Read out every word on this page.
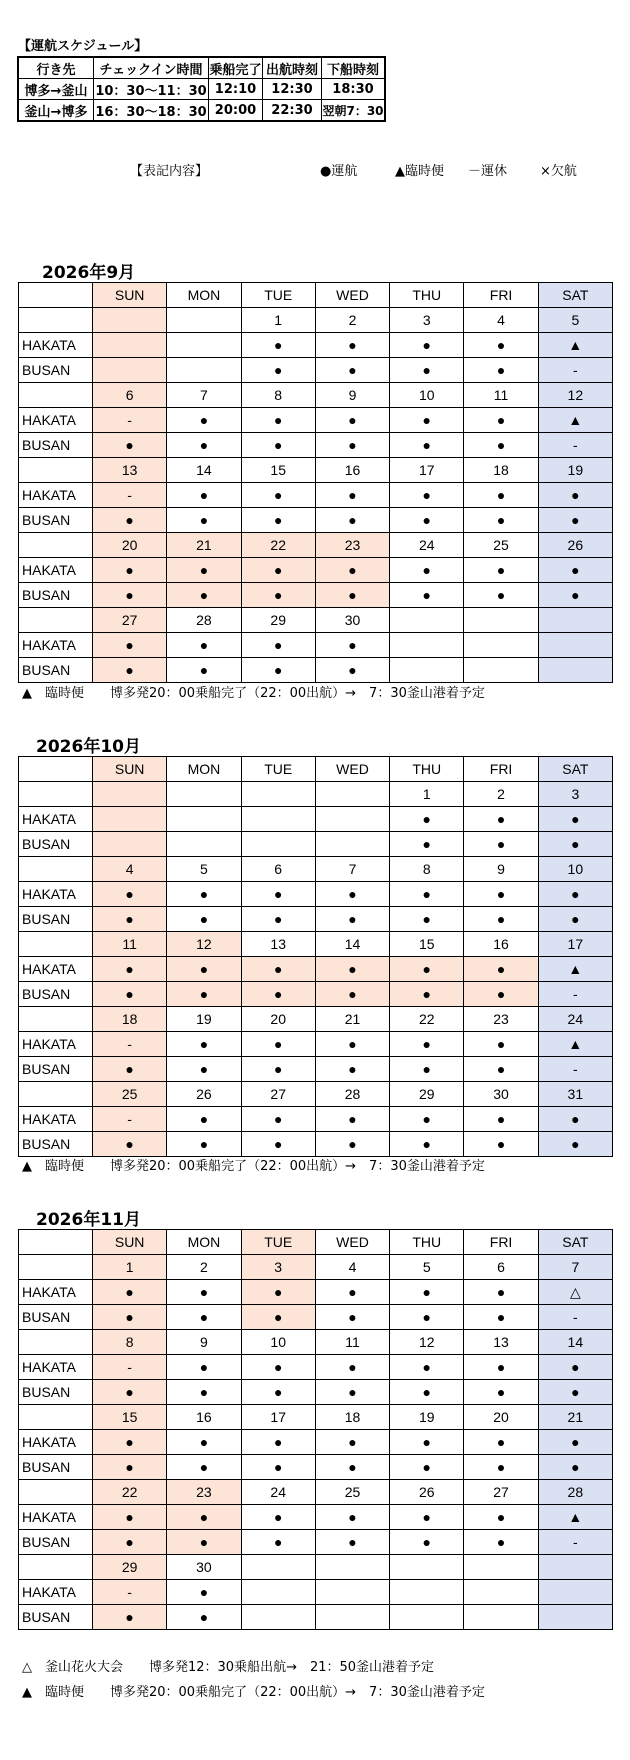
【運航スケジュール】
行き先	チェックイン時間	乗船完了	出航時刻	下船時刻
博多→釜山	10：30～11：30	12:10	12:30	18:30
釜山→博多	16：30～18：30	20:00	22:30	翌朝7：30
【表記内容】	●運航	▲臨時便 －運休	×欠航
2026年9月
	SUN	MON	TUE	WED	THU	FRI	SAT
			1	2	3	4	5
HAKATA			●	●	●	●	▲
BUSAN			●	●	●	●	-
	6	7	8	9	10	11	12
HAKATA	-	●	●	●	●	●	▲
BUSAN	●	●	●	●	●	●	-
	13	14	15	16	17	18	19
HAKATA	-	●	●	●	●	●	●
BUSAN	●	●	●	●	●	●	●
	20	21	22	23	24	25	26
HAKATA	●	●	●	●	●	●	●
BUSAN	●	●	●	●	●	●	●
	27	28	29	30			
HAKATA	●	●	●	●			
BUSAN	●	●	●	●			
▲　臨時便　　博多発20：00乗船完了（22：00出航）→　7：30釜山港着予定
2026年10月
	SUN	MON	TUE	WED	THU	FRI	SAT
					1	2	3
HAKATA					●	●	●
BUSAN					●	●	●
	4	5	6	7	8	9	10
HAKATA	●	●	●	●	●	●	●
BUSAN	●	●	●	●	●	●	●
	11	12	13	14	15	16	17
HAKATA	●	●	●	●	●	●	▲
BUSAN	●	●	●	●	●	●	-
	18	19	20	21	22	23	24
HAKATA	-	●	●	●	●	●	▲
BUSAN	●	●	●	●	●	●	-
	25	26	27	28	29	30	31
HAKATA	-	●	●	●	●	●	●
BUSAN	●	●	●	●	●	●	●
▲　臨時便　　博多発20：00乗船完了（22：00出航）→　7：30釜山港着予定
2026年11月
	SUN	MON	TUE	WED	THU	FRI	SAT
	1	2	3	4	5	6	7
HAKATA	●	●	●	●	●	●	△
BUSAN	●	●	●	●	●	●	-
	8	9	10	11	12	13	14
HAKATA	-	●	●	●	●	●	●
BUSAN	●	●	●	●	●	●	●
	15	16	17	18	19	20	21
HAKATA	●	●	●	●	●	●	●
BUSAN	●	●	●	●	●	●	●
	22	23	24	25	26	27	28
HAKATA	●	●	●	●	●	●	▲
BUSAN	●	●	●	●	●	●	-
	29	30					
HAKATA	-	●					
BUSAN	●	●					
△　釜山花火大会　　博多発12：30乗船出航→　21：50釜山港着予定
▲　臨時便　　博多発20：00乗船完了（22：00出航）→　7：30釜山港着予定
